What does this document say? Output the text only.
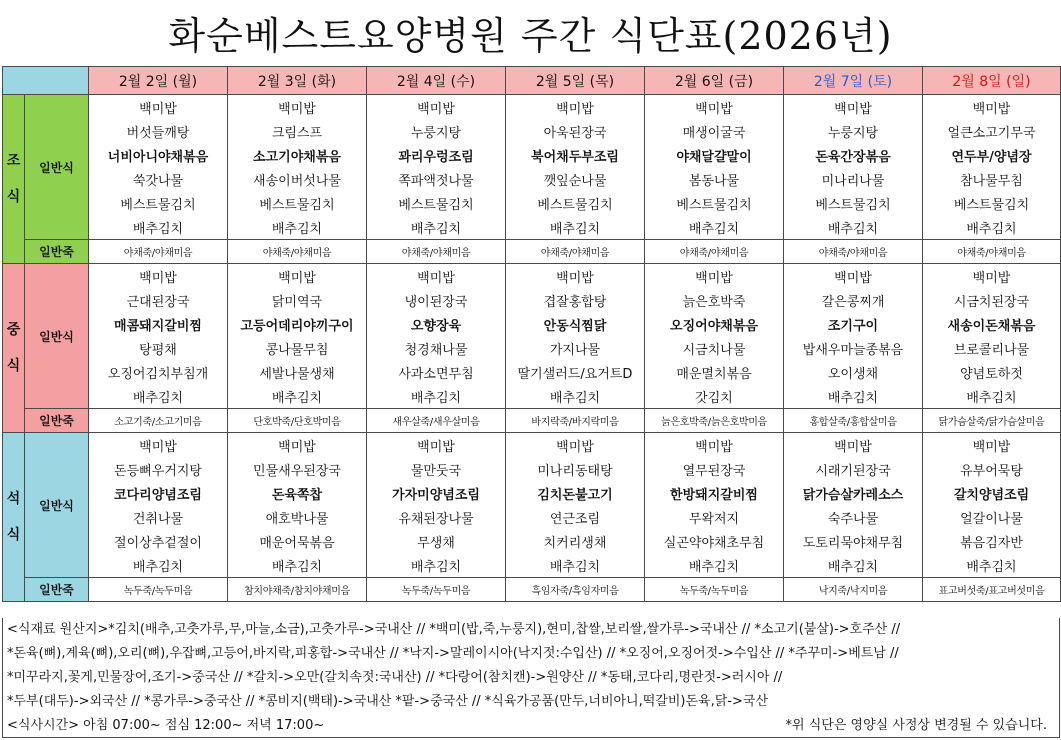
화순베스트요양병원 주간 식단표(2026년)
		2월 2일 (월)	2월 3일 (화)	2월 4일 (수)	2월 5일 (목)	2월 6일 (금)	2월 7일 (토)	2월 8일 (일)

조
식	일반식	백미밥	백미밥	백미밥	백미밥	백미밥	백미밥	백미밥
		버섯들깨탕	크림스프	누룽지탕	아욱된장국	매생이굴국	누룽지탕	얼큰소고기무국
		너비아니야채볶음	소고기야채볶음	꽈리우렁조림	북어채두부조림	야채달걀말이	돈육간장볶음	연두부/양념장
		쑥갓나물	새송이버섯나물	쪽파액젓나물	깻잎순나물	봄동나물	미나리나물	참나물무침
		베스트물김치	베스트물김치	베스트물김치	베스트물김치	베스트물김치	베스트물김치	베스트물김치
		배추김치	배추김치	배추김치	배추김치	배추김치	배추김치	배추김치
	일반죽	야채죽/야채미음	야채죽/야채미음	야채죽/야채미음	야채죽/야채미음	야채죽/야채미음	야채죽/야채미음	야채죽/야채미음

중
식	일반식	백미밥	백미밥	백미밥	백미밥	백미밥	백미밥	백미밥
		근대된장국	닭미역국	냉이된장국	겹잘홍합탕	늙은호박죽	갈은콩찌개	시금치된장국
		매콤돼지갈비찜	고등어데리야끼구이	오향장육	안동식찜닭	오징어야채볶음	조기구이	새송이돈채볶음
		탕평채	콩나물무침	청경채나물	가지나물	시금치나물	밥새우마늘종볶음	브로콜리나물
		오징어김치부침개	세발나물생채	사과소면무침	딸기샐러드/요거트D	매운멸치볶음	오이생채	양념토하젓
		배추김치	배추김치	배추김치	배추김치	갓김치	배추김치	배추김치
	일반죽	소고기죽/소고기미음	단호박죽/단호박미음	새우살죽/새우살미음	바지락죽/바지락미음	늙은호박죽/늙은호박미음	홍합살죽/홍합살미음	닭가슴살죽/닭가슴살미음

석
식	일반식	백미밥	백미밥	백미밥	백미밥	백미밥	백미밥	백미밥
		돈등뼈우거지탕	민물새우된장국	물만둣국	미나리동태탕	열무된장국	시래기된장국	유부어묵탕
		코다리양념조림	돈육쪽찹	가자미양념조림	김치돈불고기	한방돼지갈비찜	닭가슴살카레소스	갈치양념조림
		건취나물	애호박나물	유채된장나물	연근조림	무왁저지	숙주나물	얼갈이나물
		절이상추겉절이	매운어묵볶음	무생채	치커리생채	실곤약야채초무침	도토리묵야채무침	볶음김자반
		배추김치	배추김치	배추김치	배추김치	배추김치	배추김치	배추김치
	일반죽	녹두죽/녹두미음	참치야채죽/참치야채미음	녹두죽/녹두미음	흑임자죽/흑임자미음	녹두죽/녹두미음	낙지죽/낙지미음	표고버섯죽/표고버섯미음
<식재료 원산지>*김치(배추,고춧가루,무,마늘,소금),고춧가루->국내산 // *백미(밥,죽,누룽지),현미,찹쌀,보리쌀,쌀가루->국내산 // *소고기(불살)->호주산 //
*돈육(뼈),계육(뼈),오리(뼈),우잡뼈,고등어,바지락,피홍합->국내산 // *낙지->말레이시아(낙지젓:수입산) // *오징어,오징어젓->수입산 // *주꾸미->베트남 //
*미꾸라지,꽃게,민물장어,조기->중국산 // *갈치->오만(갈치속젓:국내산) // *다랑어(참치캔)->원양산 // *동태,코다리,명란젓->러시아 //
*두부(대두)->외국산 // *콩가루->중국산 // *콩비지(백태)->국내산 *팥->중국산 // *식육가공품(만두,너비아니,떡갈비)돈육,닭->국산
<식사시간> 아침 07:00~ 점심 12:00~ 저녁 17:00~	*위 식단은 영양실 사정상 변경될 수 있습니다.
